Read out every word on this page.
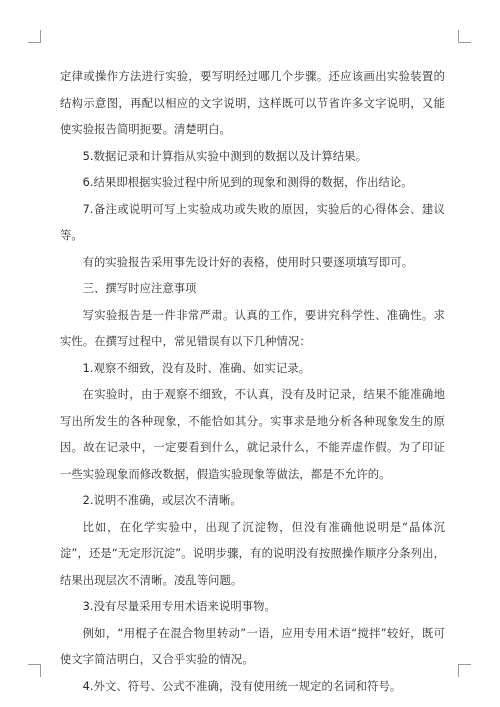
定律或操作方法进行实验，要写明经过哪几个步骤。还应该画出实验装置的结构示意图，再配以相应的文字说明，这样既可以节省许多文字说明，又能使实验报告简明扼要。清楚明白。

5.数据记录和计算指从实验中测到的数据以及计算结果。

6.结果即根据实验过程中所见到的现象和测得的数据，作出结论。

7.备注或说明可写上实验成功或失败的原因，实验后的心得体会、建议等。

有的实验报告采用事先设计好的表格，使用时只要逐项填写即可。

三、撰写时应注意事项

写实验报告是一件非常严肃。认真的工作，要讲究科学性、准确性。求实性。在撰写过程中，常见错误有以下几种情况：

1.观察不细致，没有及时、准确、如实记录。

在实验时，由于观察不细致，不认真，没有及时记录，结果不能准确地写出所发生的各种现象，不能恰如其分。实事求是地分析各种现象发生的原因。故在记录中，一定要看到什么，就记录什么，不能弄虚作假。为了印证一些实验现象而修改数据，假造实验现象等做法，都是不允许的。

2.说明不准确，或层次不清晰。

比如，在化学实验中，出现了沉淀物，但没有准确他说明是“晶体沉淀”，还是“无定形沉淀”。说明步骤，有的说明没有按照操作顺序分条列出，结果出现层次不清晰。凌乱等问题。

3.没有尽量采用专用术语来说明事物。

例如，“用棍子在混合物里转动”一语，应用专用术语“搅拌”较好，既可使文字简洁明白，又合乎实验的情况。

4.外文、符号、公式不准确，没有使用统一规定的名词和符号。
